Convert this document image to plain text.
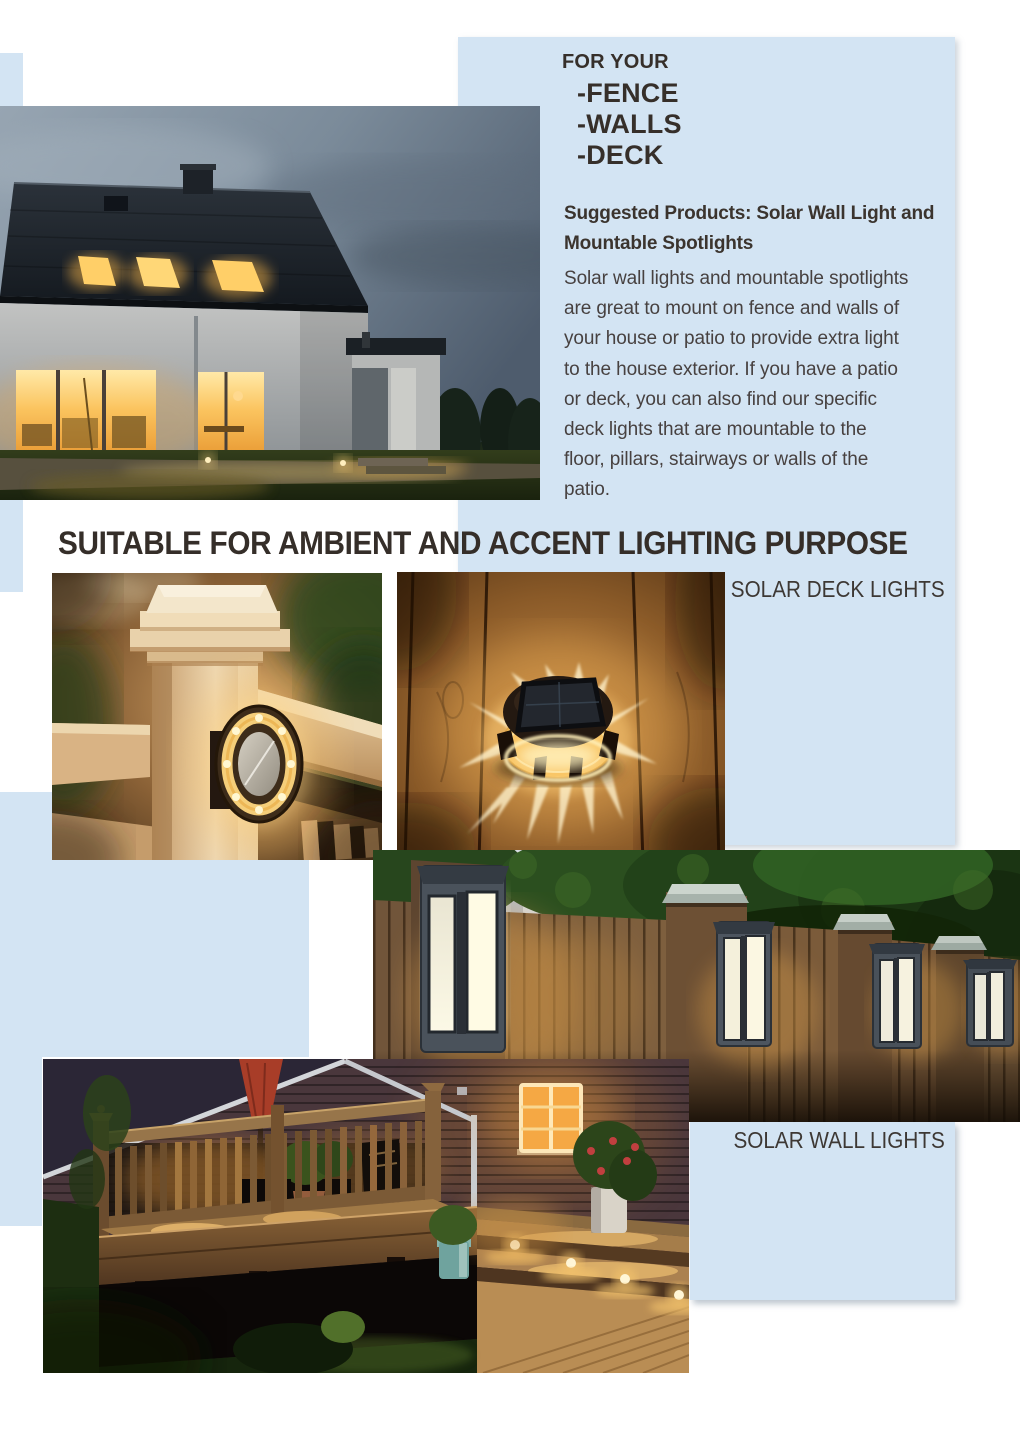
FOR YOUR
-FENCE
-WALLS
-DECK
Suggested Products: Solar Wall Light and
Mountable Spotlights
Solar wall lights and mountable spotlights
are great to mount on fence and walls of
your house or patio to provide extra light
to the house exterior. If you have a patio
or deck, you can also find our specific
deck lights that are mountable to the
floor, pillars, stairways or walls of the
patio.
SUITABLE FOR AMBIENT AND ACCENT LIGHTING PURPOSE
SOLAR DECK LIGHTS
SOLAR WALL LIGHTS
